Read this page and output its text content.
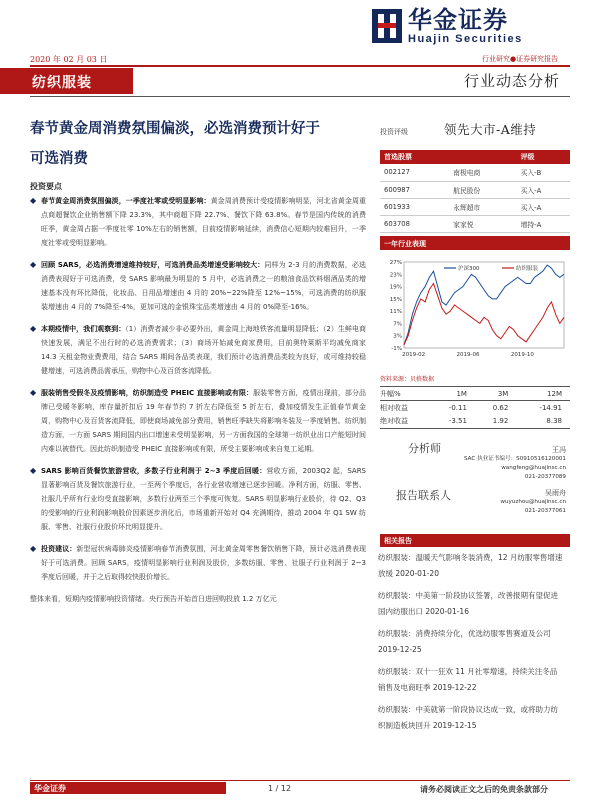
华金证券
Huajin Securities
2020 年 02 月 03 日	行业研究●证券研究报告
纺织服装	行业动态分析
春节黄金周消费氛围偏淡，必选消费预计好于
可选消费
投资要点
◆ 春节黄金周消费氛围偏淡，一季度社零或受明显影响：黄金周消费预计受疫情影响明显，河北省黄金周重点商超餐饮企业销售额下降 23.3%，其中商超下降 22.7%、餐饮下降 63.8%。春节是国内传统的消费旺季，黄金周占据一季度社零 10%左右的销售额，目前疫情影响延续，消费信心短期内较难回升，一季度社零或受明显影响。
◆ 回顾 SARS，必选消费增速维持较好，可选消费品类增速受影响较大：同样为 2-3 月的消费数据，必选消费表现好于可选消费，受 SARS 影响最为明显的 5 月中，必选消费之一的粮油食品饮料烟酒品类的增速基本没有环比降低，化妆品、日用品增速由 4 月的 20%~22%降至 12%~15%，可选消费的纺织服装增速由 4 月的 7%降至-4%，更加可选的金银珠宝品类增速由 4 月的 0%降至-16%。
◆ 本期疫情中，我们观察到：（1）消费者减少非必要外出，黄金周上海地铁客流量明显降低；（2）生鲜电商快速发展，满足不出行时的必选消费需求；（3）商场开始减免商家费用，目前奥特莱斯平均减免商家 14.3 天租金物业费费用，结合 SARS 期间各品类表现，我们预计必选消费品类较为良好，或可维持较稳健增速，可选消费品需承压，购物中心及百货客流降低。
◆ 服装销售受假冬及疫情影响，纺织制造受 PHEIC 直接影响或有限：服装零售方面，疫情出现前，部分品牌已受暖冬影响，库存量折扣后 19 年春节约 7 折左右降低至 5 折左右，叠加疫情发生正值春节黄金周，购物中心及百货客流降低，即使商场减免部分费用，销售旺季缺失将影响冬装及一季度销售。纺织制造方面，一方面 SARS 期间国内出口增速未受明显影响，另一方面我国的全球第一纺织业出口产能短时间内难以被替代。因此纺织制造受 PHEIC 直接影响或有限，所受主要影响或来自复工延期。
◆ SARS 影响百货餐饮旅游营收，多数子行业利润于 2~3 季度后回暖：营收方面，2003Q2 起，SARS 显著影响百货及餐饮旅游行业，一至两个季度后，各行业营收增速已逐步回暖。净利方面，纺服、零售、社服几乎所有行业均受直接影响，多数行业两至三个季度可恢复。SARS 明显影响行业股价，待 Q2、Q3 的受影响的行业利润影响股价因素逐步消化后，市场重新开始对 Q4 充满期待，推动 2004 年 Q1 SW 纺服、零售、社服行业股价环比明显提升。
◆ 投资建议：新型冠状病毒肺炎疫情影响春节消费氛围，河北黄金周零售餐饮销售下降，预计必选消费表现好于可选消费。回顾 SARS，疫情明显影响行业利润及股价，多数纺服、零售、社服子行业利润于 2~3 季度后回暖，并于之后取得较快股价增长。
整体来看，短期内疫情影响投资情绪。央行预告开始首日进回购投放 1.2 万亿元
投资评级	领先大市-A维持
首选股票		评级
002127	南极电商	买入-B
600987	航民股份	买入-A
601933	永辉超市	买入-A
603708	家家悦	增持-A
一年行业表现
27%
23%
19%
15%
11%
7%
3%
-1%
2019-02	2019-06	2019-10
沪深300	纺织服装
资料来源：贝格数据
升幅%	1M	3M	12M
相对收益	-0.11	0.62	-14.91
绝对收益	-3.51	1.92	8.38
分析师	王冯
SAC 执业证书编号：S0910516120001
wangfeng@huajinsc.cn
021-20377089
报告联系人	吴雨舟
wuyuzhou@huajinsc.cn
021-20377061
相关报告

纺织服装：温暖天气影响冬装消费，12 月纺服零售增速放缓 2020-01-20

纺织服装：中美第一阶段协议签署，改善报期有望促进国内纺服出口 2020-01-16

纺织服装：消费持续分化，优选纺服零售赛道及公司 2019-12-25

纺织服装：双十一狂欢 11 月社零增速，持续关注冬品销售及电商旺季 2019-12-22

纺织服装：中美就第一阶段协议达成一致，或将助力纺织制造板块回升 2019-12-15

华金证券	1 / 12	请务必阅读正文之后的免责条款部分
